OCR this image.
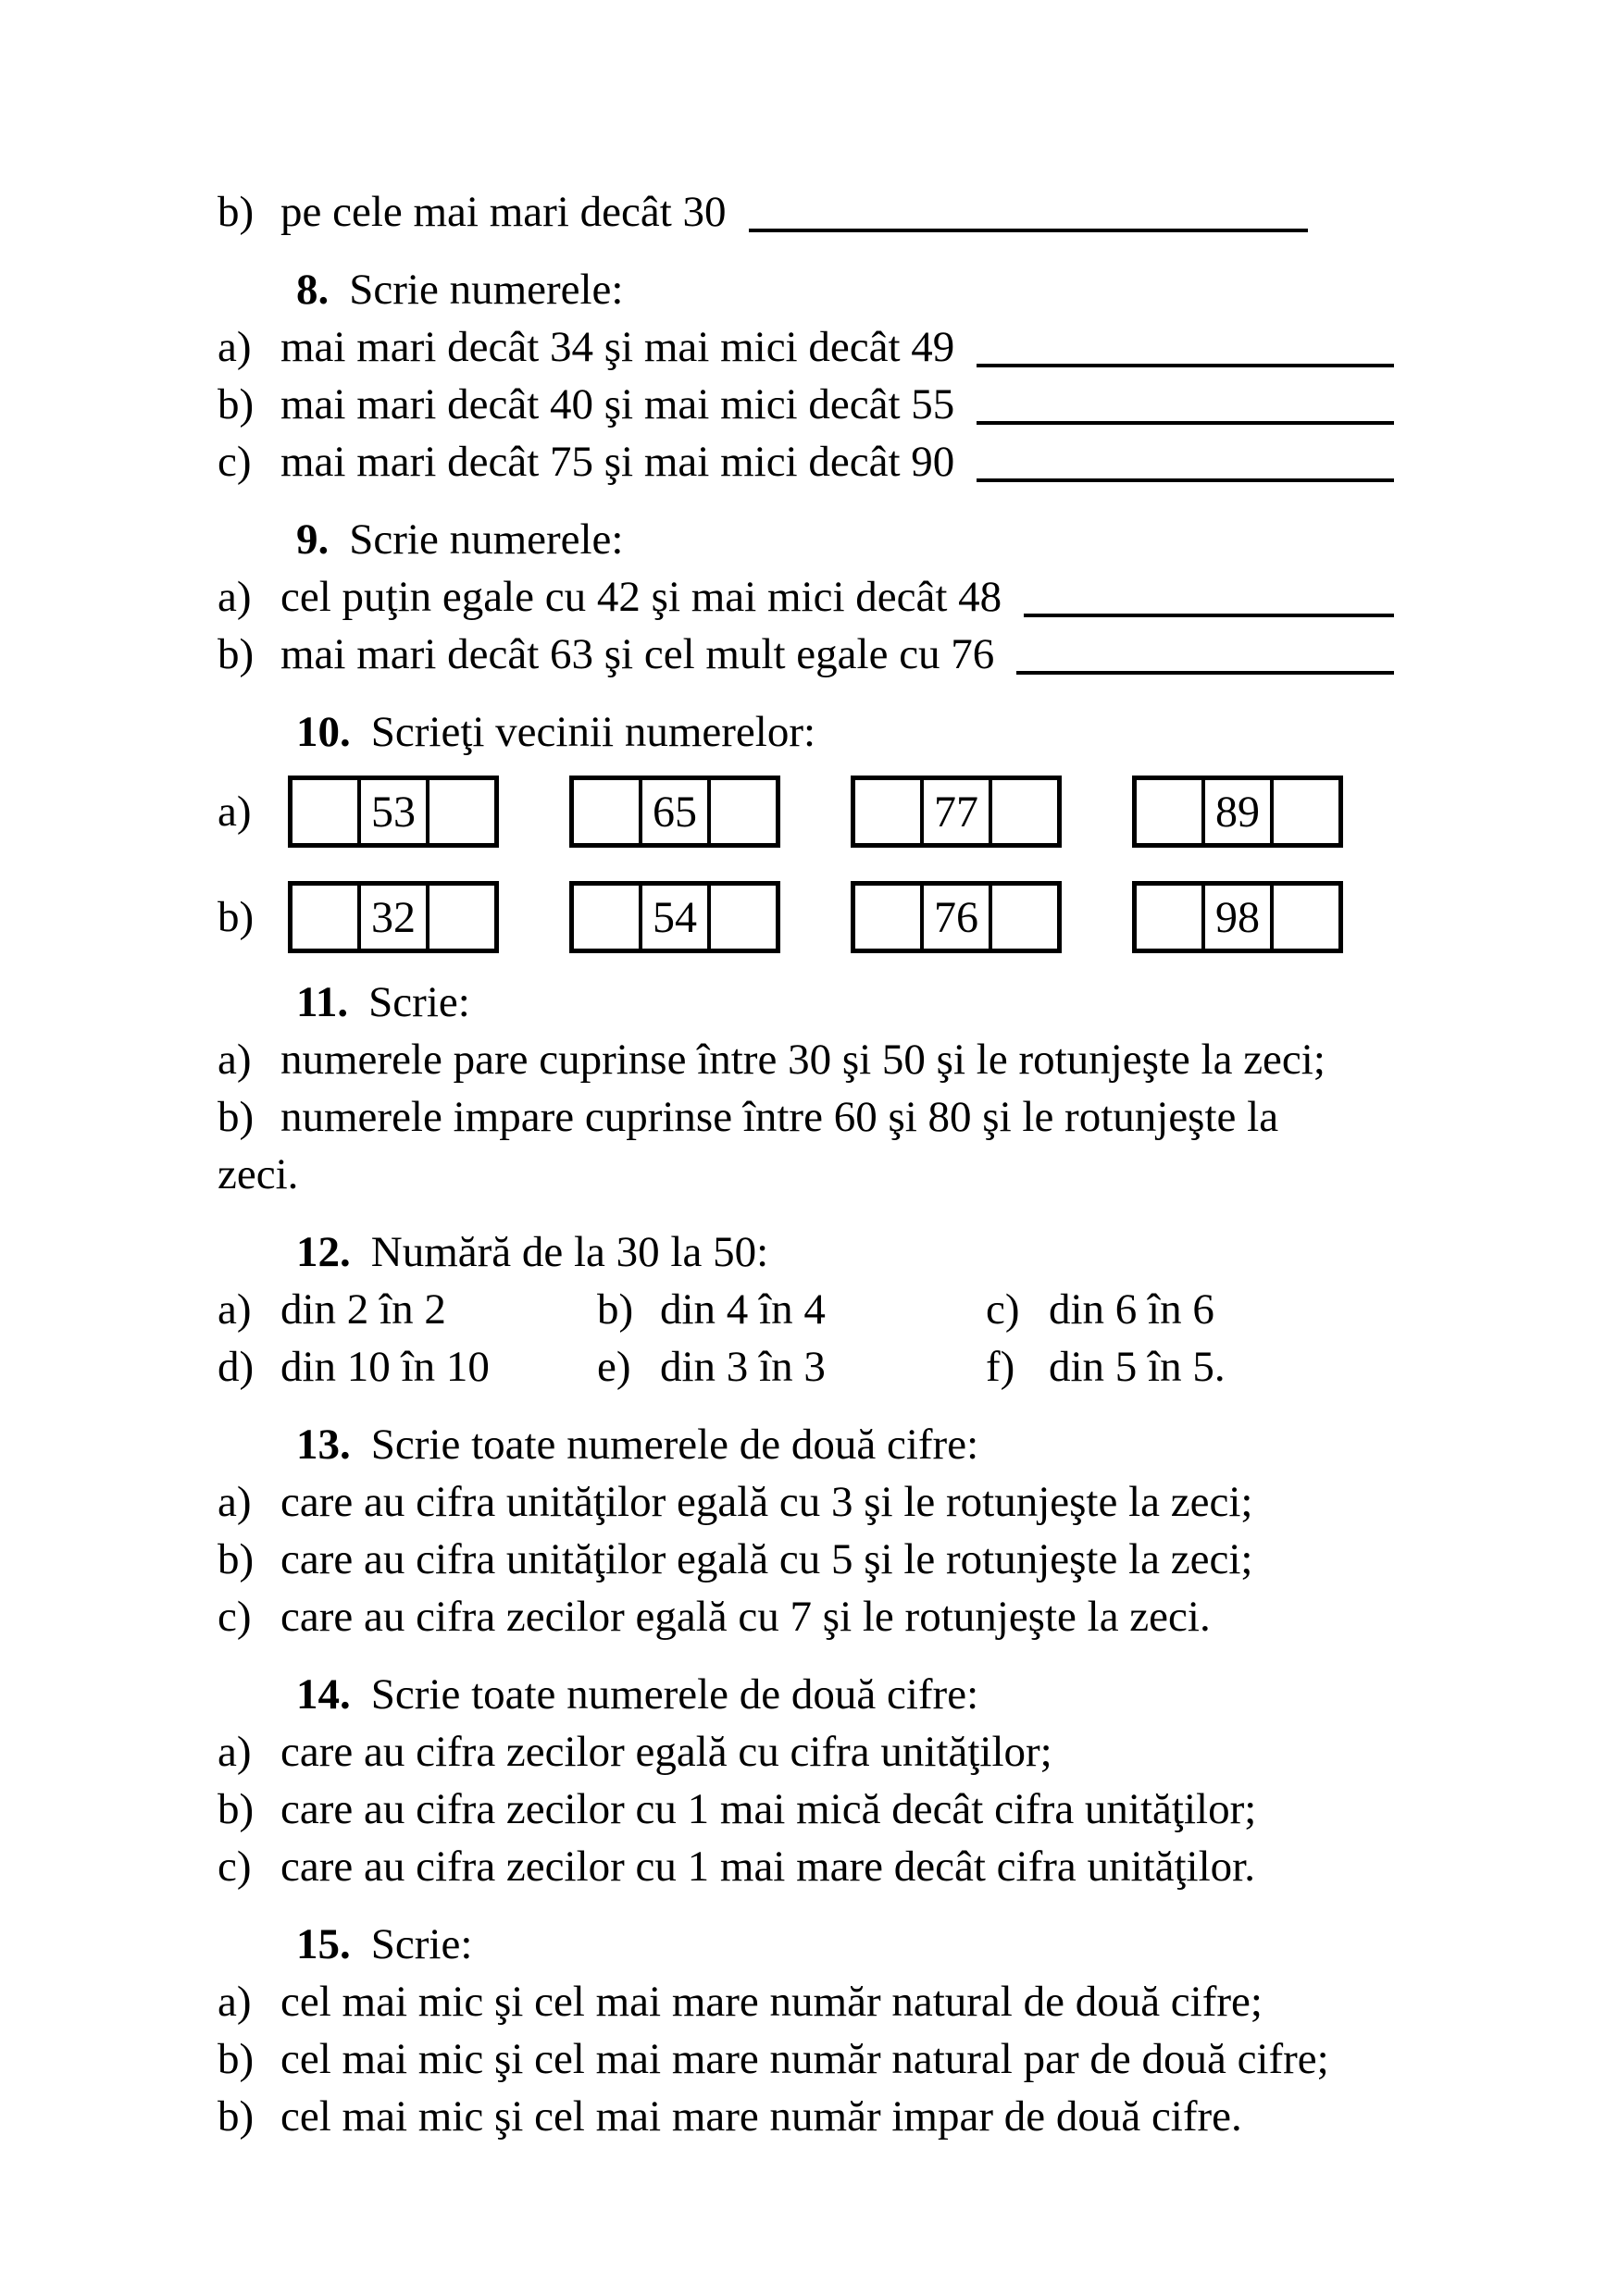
b) pe cele mai mari decât 30
8. Scrie numerele:
a) mai mari decât 34 şi mai mici decât 49
b) mai mari decât 40 şi mai mici decât 55
c) mai mari decât 75 şi mai mici decât 90
9. Scrie numerele:
a) cel puţin egale cu 42 şi mai mici decât 48
b) mai mari decât 63 şi cel mult egale cu 76
10. Scrieţi vecinii numerelor:
a)	53	65	77	89
b)	32	54	76	98
11. Scrie:
a) numerele pare cuprinse între 30 şi 50 şi le rotunjeşte la zeci;
b) numerele impare cuprinse între 60 şi 80 şi le rotunjeşte la
zeci.
12. Numără de la 30 la 50:
a) din 2 în 2	b) din 4 în 4	c) din 6 în 6
d) din 10 în 10 e) din 3 în 3	f) din 5 în 5.
13. Scrie toate numerele de două cifre:
a) care au cifra unităţilor egală cu 3 şi le rotunjeşte la zeci;
b) care au cifra unităţilor egală cu 5 şi le rotunjeşte la zeci;
c) care au cifra zecilor egală cu 7 şi le rotunjeşte la zeci.
14. Scrie toate numerele de două cifre:
a) care au cifra zecilor egală cu cifra unităţilor;
b) care au cifra zecilor cu 1 mai mică decât cifra unităţilor;
c) care au cifra zecilor cu 1 mai mare decât cifra unităţilor.
15. Scrie:
a) cel mai mic şi cel mai mare număr natural de două cifre;
b) cel mai mic şi cel mai mare număr natural par de două cifre;
b) cel mai mic şi cel mai mare număr impar de două cifre.
